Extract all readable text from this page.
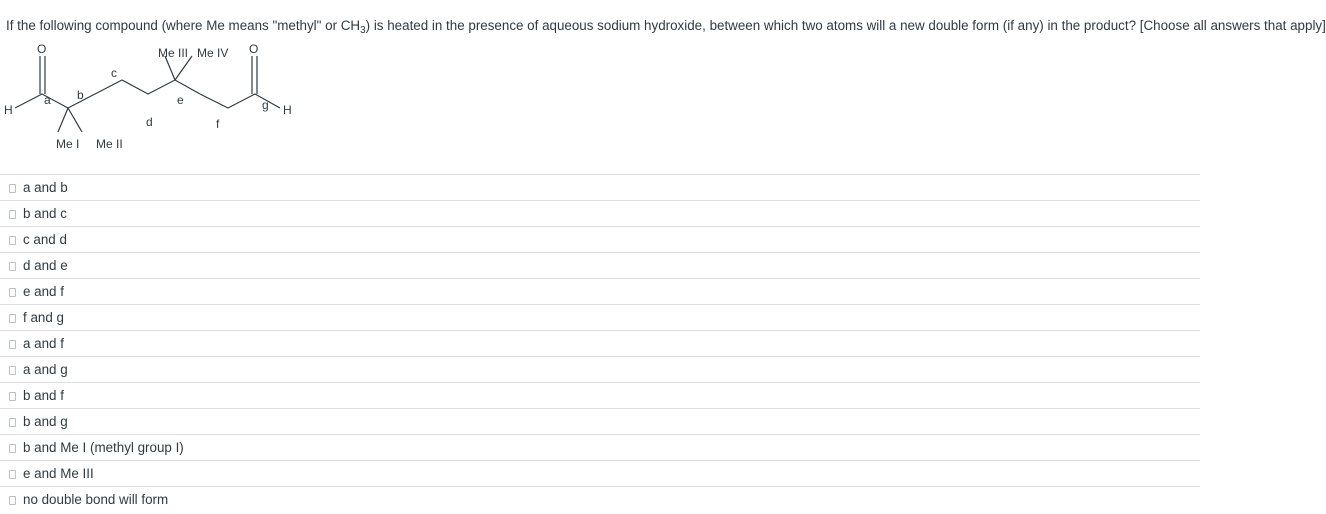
If the following compound (where Me means "methyl" or $CH_3$) is heated in the presence of aqueous sodium hydroxide, between which two atoms will a new double form (if any) in the product? [Choose all answers that apply]
O	O
H	H
a b
c
d
e
f
g
Me I Me II
Me III Me IV
a and b
b and c
c and d
d and e
e and f
f and g
a and f
a and g
b and f
b and g
b and Me I (methyl group I)
e and Me III
no double bond will form
